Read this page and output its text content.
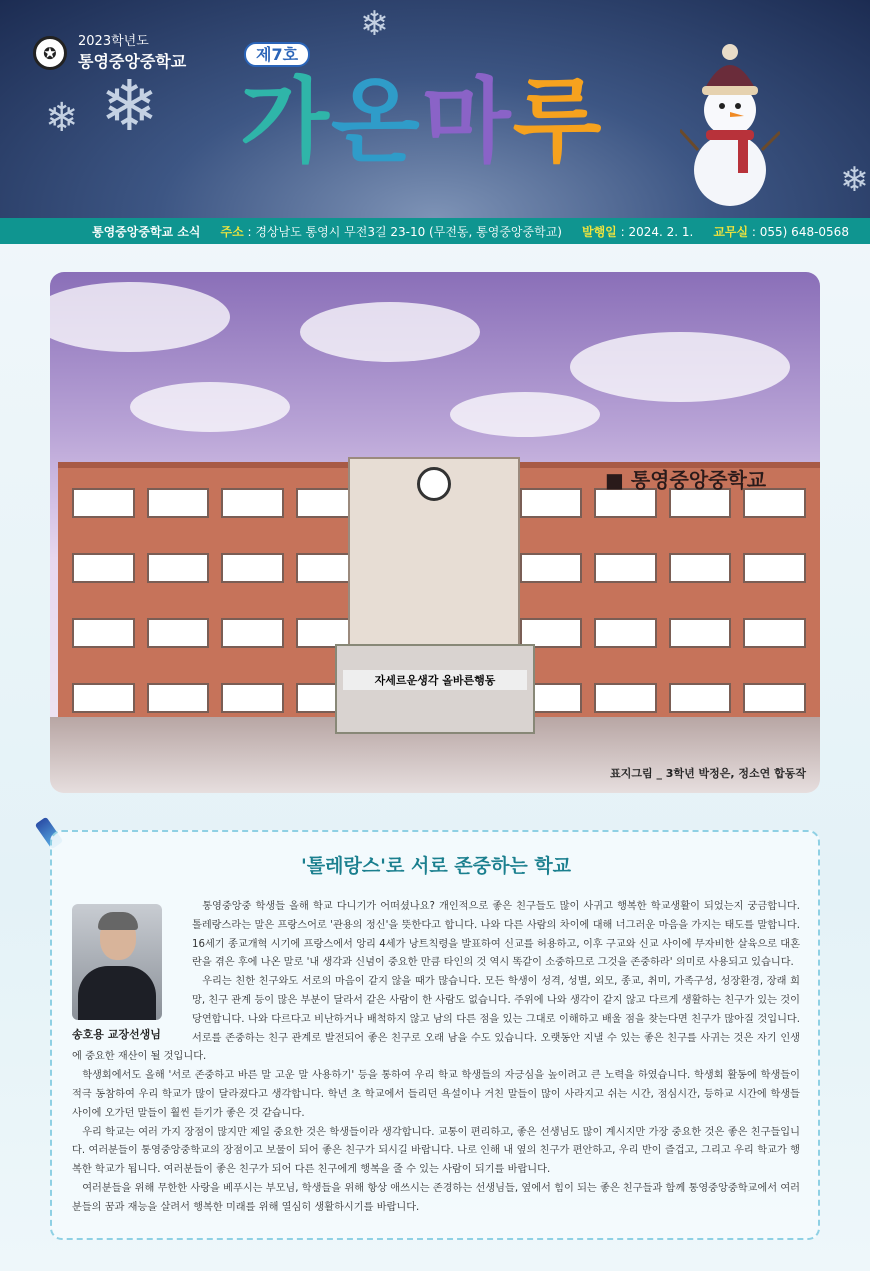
❄ ❄
❄
❄
✪
2023학년도
통영중앙중학교	제7호
가온마루
통영중앙중학교 소식 주소 : 경상남도 통영시 무전3길 23-10 (무전동, 통영중앙중학교) 발행일 : 2024. 2. 1. 교무실 : 055) 648-0568
■ 통영중앙중학교
자세르운생각 올바른행동
표지그림 _ 3학년 박정은, 정소연 합동작
'톨레랑스'로 서로 존중하는 학교
송호용 교장선생님

통영중앙중 학생들 올해 학교 다니기가 어떠셨나요? 개인적으로 좋은 친구들도 많이 사귀고 행복한 학교생활이 되었는지 궁금합니다. 톨레랑스라는 말은 프랑스어로 '관용의 정신'을 뜻한다고 합니다. 나와 다른 사람의 차이에 대해 너그러운 마음을 가지는 태도를 말합니다. 16세기 종교개혁 시기에 프랑스에서 앙리 4세가 낭트칙령을 발표하여 신교를 허용하고, 이후 구교와 신교 사이에 무자비한 살육으로 대혼란을 겪은 후에 나온 말로 '내 생각과 신념이 중요한 만큼 타인의 것 역시 똑같이 소중하므로 그것을 존중하라' 의미로 사용되고 있습니다.

우리는 친한 친구와도 서로의 마음이 같지 않을 때가 많습니다. 모든 학생이 성격, 성별, 외모, 종교, 취미, 가족구성, 성장환경, 장래 희망, 친구 관계 등이 많은 부분이 달라서 같은 사람이 한 사람도 없습니다. 주위에 나와 생각이 같지 않고 다르게 생활하는 친구가 있는 것이 당연합니다. 나와 다르다고 비난하거나 배척하지 않고 남의 다른 점을 있는 그대로 이해하고 배울 점을 찾는다면 친구가 많아질 것입니다. 서로를 존중하는 친구 관계로 발전되어 좋은 친구로 오래 남을 수도 있습니다. 오랫동안 지낼 수 있는 좋은 친구를 사귀는 것은 자기 인생에 중요한 재산이 될 것입니다.

학생회에서도 올해 '서로 존중하고 바른 말 고운 말 사용하기' 등을 통하여 우리 학교 학생들의 자긍심을 높이려고 큰 노력을 하였습니다. 학생회 활동에 학생들이 적극 동참하여 우리 학교가 많이 달라졌다고 생각합니다. 학년 초 학교에서 들리던 욕설이나 거친 말들이 많이 사라지고 쉬는 시간, 점심시간, 등하교 시간에 학생들 사이에 오가던 말들이 훨씬 듣기가 좋은 것 같습니다.

우리 학교는 여러 가지 장점이 많지만 제일 중요한 것은 학생들이라 생각합니다. 교통이 편리하고, 좋은 선생님도 많이 계시지만 가장 중요한 것은 좋은 친구들입니다. 여러분들이 통영중앙중학교의 장점이고 보물이 되어 좋은 친구가 되시길 바랍니다. 나로 인해 내 옆의 친구가 편안하고, 우리 반이 즐겁고, 그리고 우리 학교가 행복한 학교가 됩니다. 여러분들이 좋은 친구가 되어 다른 친구에게 행복을 줄 수 있는 사람이 되기를 바랍니다.

여러분들을 위해 무한한 사랑을 베푸시는 부모님, 학생들을 위해 항상 애쓰시는 존경하는 선생님들, 옆에서 힘이 되는 좋은 친구들과 함께 통영중앙중학교에서 여러분들의 꿈과 재능을 살려서 행복한 미래를 위해 열심히 생활하시기를 바랍니다.
